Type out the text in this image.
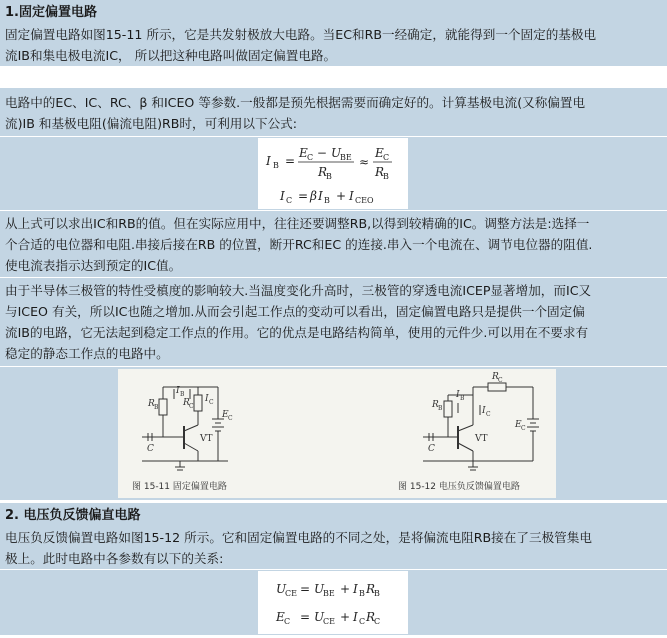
1.固定偏置电路
固定偏置电路如图15-11 所示，它是共发射极放大电路。当EC和RB一经确定，就能得到一个固定的基极电
流IB和集电极电流IC， 所以把这种电路叫做固定偏置电路。
电路中的EC、IC、RC、β 和ICEO 等参数.一般都是预先根据需要而确定好的。计算基极电流(又称偏置电
流)IB 和基极电阻(偏流电阻)RB时，可利用以下公式:
I B =
E C − U
BE
R
B
≈
E C
R
B
I C = β I B + I CEO
从上式可以求出IC和RB的值。但在实际应用中，往往还要调整RB,以得到较精确的IC。调整方法是:选择一
个合适的电位器和电阻.串接后接在RB 的位置，断开RC和EC 的连接.串入一个电流在、调节电位器的阻值.
使电流表指示达到预定的IC值。
由于半导体三极管的特性受槙度的影响较大.当温度变化升高时，三极管的穿透电流ICEP显著增加，而IC又
与ICEO 有关，所以IC也随之增加.从而会引起工作点的变动可以看出，固定偏置电路只是提供一个固定偏
流IB的电路，它无法起到稳定工作点的作用。它的优点是电路结构简单，使用的元件少.可以用在不要求有
稳定的静态工作点的电路中。
R B
I B
R C
I C
E C
C
VT
图 15-11 固定偏置电路
R C
R B
I B
I C
E C
C
VT
图 15-12 电压负反馈偏置电路
2. 电压负反馈偏直电路
电压负反馈偏置电路如图15-12 所示。它和固定偏置电路的不同之处，是将偏流电阻RB接在了三极管集电
极上。此时电路中各参数有以下的关系:
U
CE = U
BE + I B R
B
E C = U
CE + I C R
C
